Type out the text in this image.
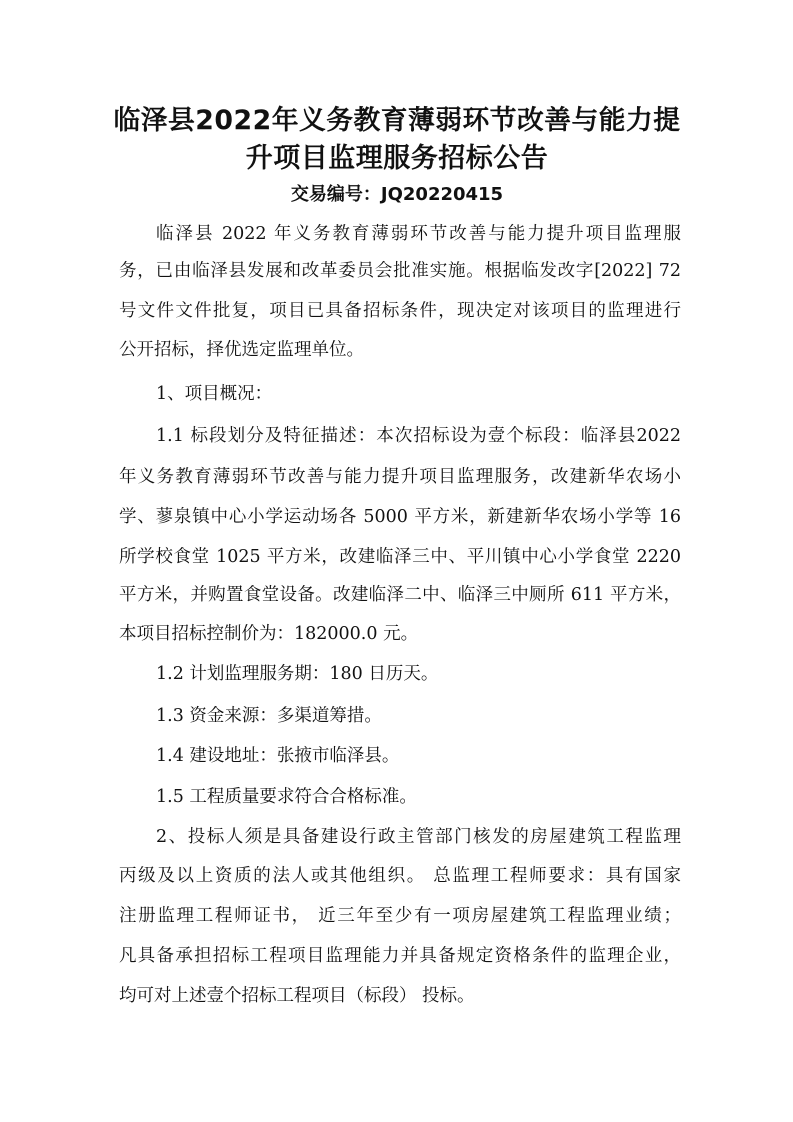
临泽县2022年义务教育薄弱环节改善与能力提
升项目监理服务招标公告
交易编号：JQ20220415

临泽县 2022 年义务教育薄弱环节改善与能力提升项目监理服

务，已由临泽县发展和改革委员会批准实施。根据临发改字[2022] 72

号文件文件批复，项目已具备招标条件，现决定对该项目的监理进行

公开招标，择优选定监理单位。

1、项目概况：

1.1 标段划分及特征描述：本次招标设为壹个标段：临泽县2022

年义务教育薄弱环节改善与能力提升项目监理服务，改建新华农场小

学、蓼泉镇中心小学运动场各 5000 平方米，新建新华农场小学等 16

所学校食堂 1025 平方米，改建临泽三中、平川镇中心小学食堂 2220

平方米，并购置食堂设备。改建临泽二中、临泽三中厕所 611 平方米，

本项目招标控制价为：182000.0 元。

1.2 计划监理服务期：180 日历天。

1.3 资金来源：多渠道筹措。

1.4 建设地址：张掖市临泽县。

1.5 工程质量要求符合合格标准。

2、投标人须是具备建设行政主管部门核发的房屋建筑工程监理

丙级及以上资质的法人或其他组织。 总监理工程师要求：具有国家

注册监理工程师证书， 近三年至少有一项房屋建筑工程监理业绩；

凡具备承担招标工程项目监理能力并具备规定资格条件的监理企业，

均可对上述壹个招标工程项目（标段） 投标。
